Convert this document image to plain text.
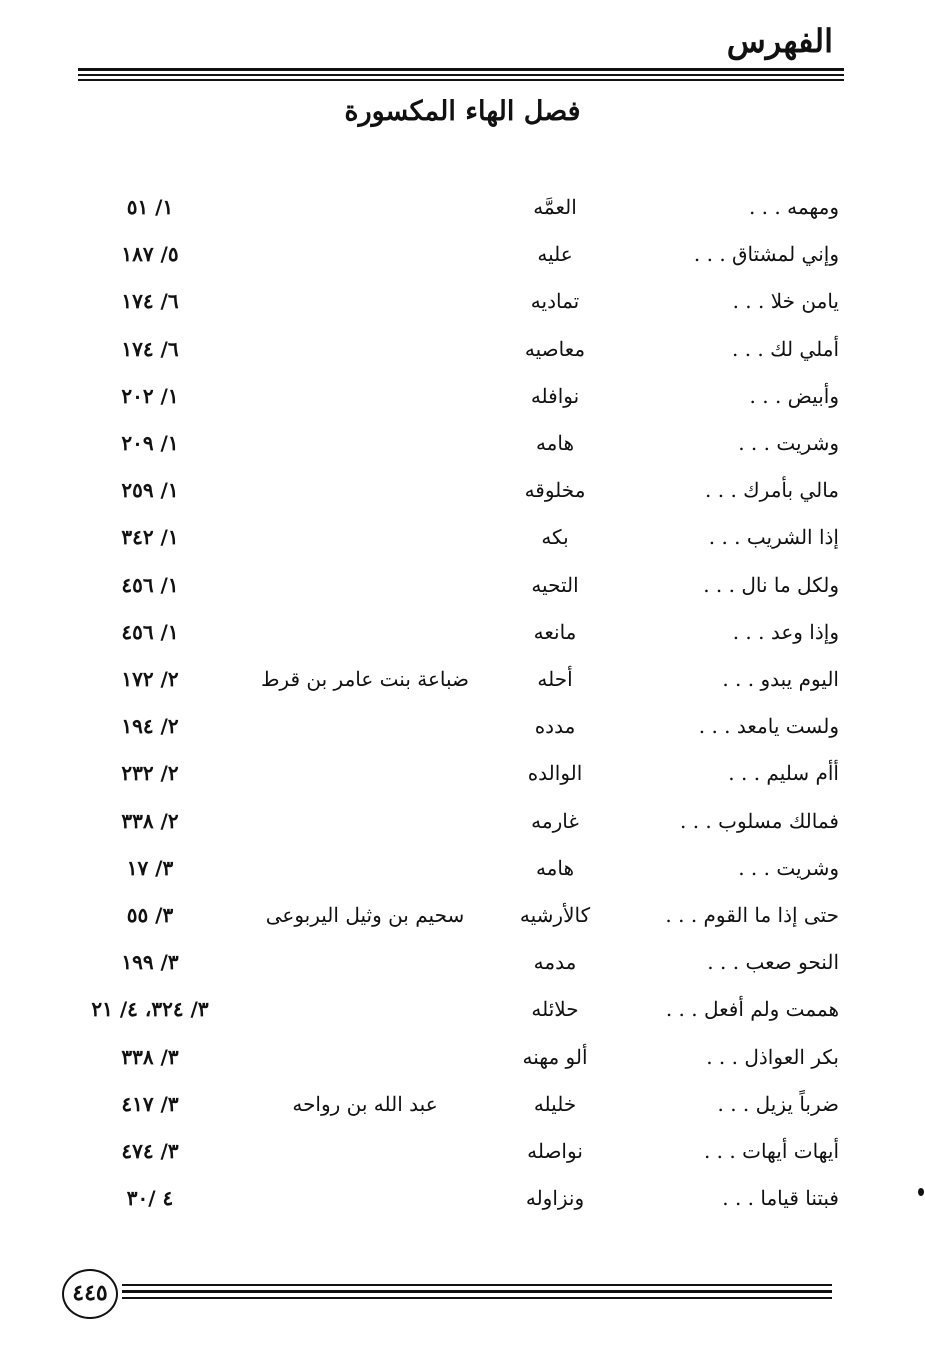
الفهرس
فصل الهاء المكسورة
ومهمه . . .
العمَّه
١/ ٥١
وإني لمشتاق . . .
عليه
٥/ ١٨٧
يامن خلا . . .
تماديه
٦/ ١٧٤
أملي لك . . .
معاصيه
٦/ ١٧٤
وأبيض . . .
نوافله
١/ ٢٠٢
وشريت . . .
هامه
١/ ٢٠٩
مالي بأمرك . . .
مخلوقه
١/ ٢٥٩
إذا الشريب . . .
بكه
١/ ٣٤٢
ولكل ما نال . . .
التحيه
١/ ٤٥٦
وإذا وعد . . .
مانعه
١/ ٤٥٦
اليوم يبدو . . .
أحله
ضباعة بنت عامر بن قرط
٢/ ١٧٢
ولست يامعد . . .
مدده
٢/ ١٩٤
أأم سليم . . .
الوالده
٢/ ٢٣٢
فمالك مسلوب . . .
غارمه
٢/ ٣٣٨
وشريت . . .
هامه
٣/ ١٧
حتى إذا ما القوم . . .
كالأرشيه
سحيم بن وثيل اليربوعى
٣/ ٥٥
النحو صعب . . .
مدمه
٣/ ١٩٩
هممت ولم أفعل . . .
حلائله
٣/ ٣٢٤، ٤/ ٢١
بكر العواذل . . .
ألو مهنه
٣/ ٣٣٨
ضرباً يزيل . . .
خليله
عبد الله بن رواحه
٣/ ٤١٧
أيهات أيهات . . .
نواصله
٣/ ٤٧٤
فبتنا قياما . . .
ونزاوله
٤ /٣٠
٤٤٥
